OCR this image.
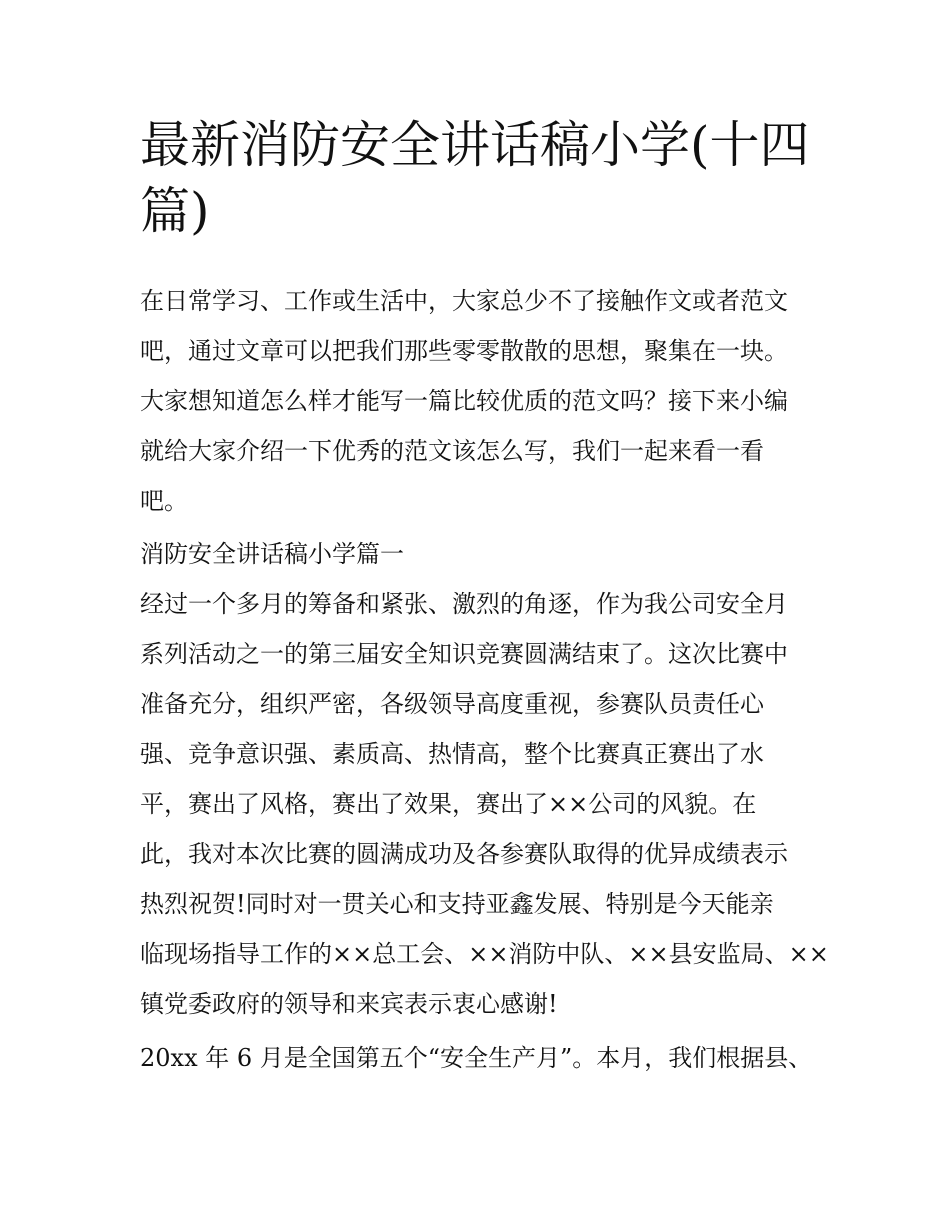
最新消防安全讲话稿小学(十四
篇)

在日常学习、工作或生活中，大家总少不了接触作文或者范文
吧，通过文章可以把我们那些零零散散的思想，聚集在一块。
大家想知道怎么样才能写一篇比较优质的范文吗？接下来小编
就给大家介绍一下优秀的范文该怎么写，我们一起来看一看
吧。

消防安全讲话稿小学篇一

经过一个多月的筹备和紧张、激烈的角逐，作为我公司安全月
系列活动之一的第三届安全知识竞赛圆满结束了。这次比赛中
准备充分，组织严密，各级领导高度重视，参赛队员责任心
强、竞争意识强、素质高、热情高，整个比赛真正赛出了水
平，赛出了风格，赛出了效果，赛出了××公司的风貌。在
此，我对本次比赛的圆满成功及各参赛队取得的优异成绩表示
热烈祝贺!同时对一贯关心和支持亚鑫发展、特别是今天能亲
临现场指导工作的××总工会、××消防中队、××县安监局、××
镇党委政府的领导和来宾表示衷心感谢!

20xx 年 6 月是全国第五个“安全生产月”。本月，我们根据县、
